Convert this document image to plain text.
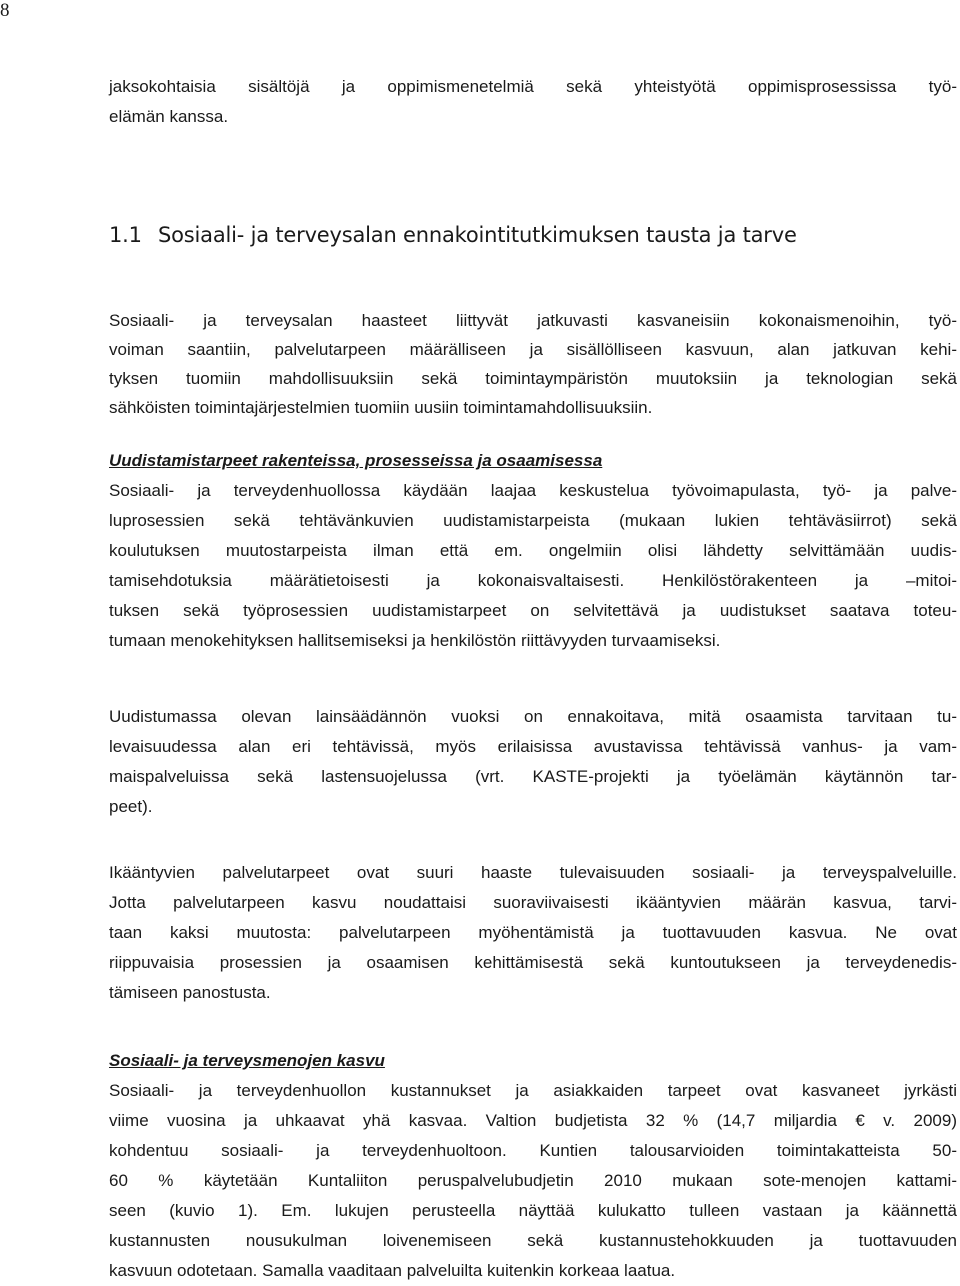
8
jaksokohtaisia sisältöjä ja oppimismenetelmiä sekä yhteistyötä oppimisprosessissa työ-
elämän kanssa.
1.1 Sosiaali- ja terveysalan ennakointitutkimuksen tausta ja tarve
Sosiaali- ja terveysalan haasteet liittyvät jatkuvasti kasvaneisiin kokonaismenoihin, työ-
voiman saantiin, palvelutarpeen määrälliseen ja sisällölliseen kasvuun, alan jatkuvan kehi-
tyksen tuomiin mahdollisuuksiin sekä toimintaympäristön muutoksiin ja teknologian sekä
sähköisten toimintajärjestelmien tuomiin uusiin toimintamahdollisuuksiin.
Uudistamistarpeet rakenteissa, prosesseissa ja osaamisessa
Sosiaali- ja terveydenhuollossa käydään laajaa keskustelua työvoimapulasta, työ- ja palve-
luprosessien sekä tehtävänkuvien uudistamistarpeista (mukaan lukien tehtäväsiirrot) sekä
koulutuksen muutostarpeista ilman että em. ongelmiin olisi lähdetty selvittämään uudis-
tamisehdotuksia määrätietoisesti ja kokonaisvaltaisesti. Henkilöstörakenteen ja –mitoi-
tuksen sekä työprosessien uudistamistarpeet on selvitettävä ja uudistukset saatava toteu-
tumaan menokehityksen hallitsemiseksi ja henkilöstön riittävyyden turvaamiseksi.
Uudistumassa olevan lainsäädännön vuoksi on ennakoitava, mitä osaamista tarvitaan tu-
levaisuudessa alan eri tehtävissä, myös erilaisissa avustavissa tehtävissä vanhus- ja vam-
maispalveluissa sekä lastensuojelussa (vrt. KASTE-projekti ja työelämän käytännön tar-
peet).
Ikääntyvien palvelutarpeet ovat suuri haaste tulevaisuuden sosiaali- ja terveyspalveluille.
Jotta palvelutarpeen kasvu noudattaisi suoraviivaisesti ikääntyvien määrän kasvua, tarvi-
taan kaksi muutosta: palvelutarpeen myöhentämistä ja tuottavuuden kasvua. Ne ovat
riippuvaisia prosessien ja osaamisen kehittämisestä sekä kuntoutukseen ja terveydenedis-
tämiseen panostusta.
Sosiaali- ja terveysmenojen kasvu
Sosiaali- ja terveydenhuollon kustannukset ja asiakkaiden tarpeet ovat kasvaneet jyrkästi
viime vuosina ja uhkaavat yhä kasvaa. Valtion budjetista 32 % (14,7 miljardia € v. 2009)
kohdentuu sosiaali- ja terveydenhuoltoon. Kuntien talousarvioiden toimintakatteista 50-
60 % käytetään Kuntaliiton peruspalvelubudjetin 2010 mukaan sote-menojen kattami-
seen (kuvio 1). Em. lukujen perusteella näyttää kulukatto tulleen vastaan ja käännettä
kustannusten nousukulman loivenemiseen sekä kustannustehokkuuden ja tuottavuuden
kasvuun odotetaan. Samalla vaaditaan palveluilta kuitenkin korkeaa laatua.
